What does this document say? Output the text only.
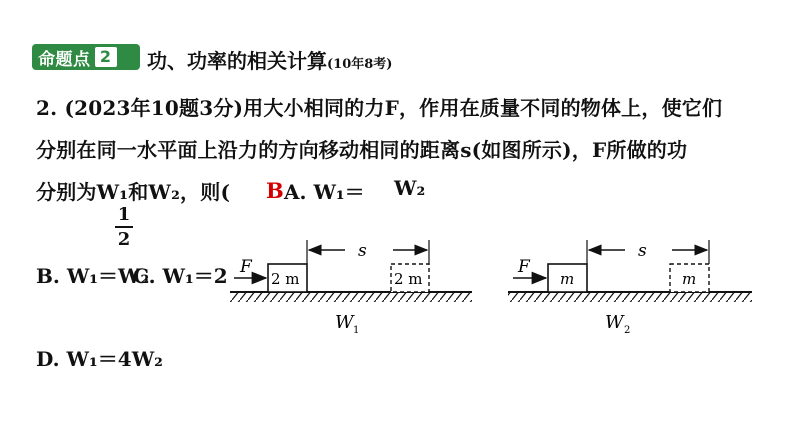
命题点 2 功、功率的相关计算(10年8考)
2. (2023年10题3分)用大小相同的力F，作用在质量不同的物体上，使它们
分别在同一水平面上沿力的方向移动相同的距离s(如图所示)，F所做的功
分别为W₁和W₂，则( B A. W₁＝ W₂
1
2
B. W₁＝W₂
C. W₁＝2
D. W₁＝4W₂
F
2 m	2 m
s
W 1
F
m	m
s
W 2
